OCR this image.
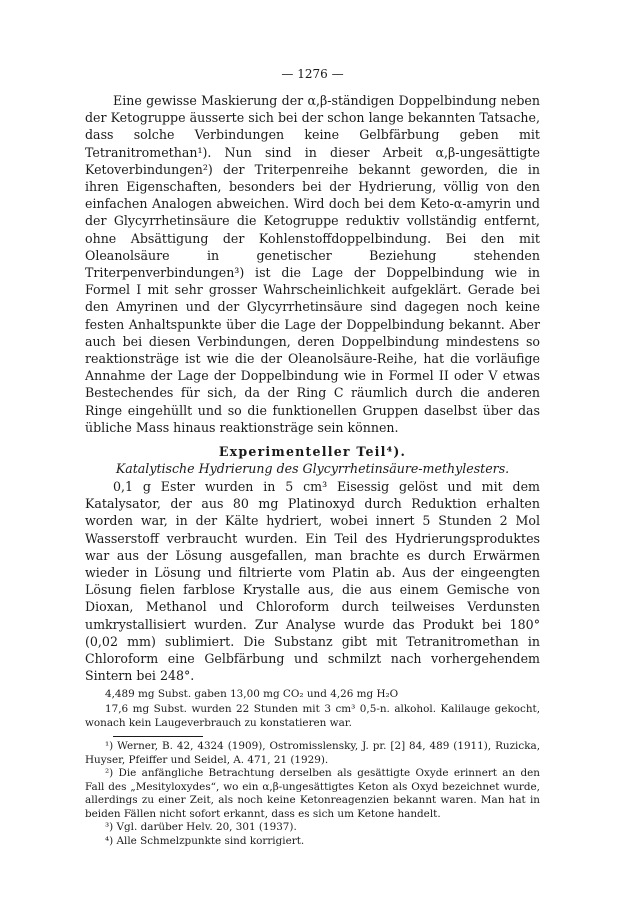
— 1276 —

Eine gewisse Maskierung der α,β-ständigen Doppelbindung neben der Ketogruppe äusserte sich bei der schon lange bekannten Tatsache, dass solche Verbindungen keine Gelbfärbung geben mit Tetranitromethan¹). Nun sind in dieser Arbeit α,β-ungesättigte Ketoverbindungen²) der Triterpenreihe bekannt geworden, die in ihren Eigenschaften, besonders bei der Hydrierung, völlig von den einfachen Analogen abweichen. Wird doch bei dem Keto-α-amyrin und der Glycyrrhetinsäure die Ketogruppe reduktiv vollständig entfernt, ohne Absättigung der Kohlenstoffdoppelbindung. Bei den mit Oleanolsäure in genetischer Beziehung stehenden Triterpenverbindungen³) ist die Lage der Doppelbindung wie in Formel I mit sehr grosser Wahrscheinlichkeit aufgeklärt. Gerade bei den Amyrinen und der Glycyrrhetinsäure sind dagegen noch keine festen Anhaltspunkte über die Lage der Doppelbindung bekannt. Aber auch bei diesen Verbindungen, deren Doppelbindung mindestens so reaktionsträge ist wie die der Oleanolsäure-Reihe, hat die vorläufige Annahme der Lage der Doppelbindung wie in Formel II oder V etwas Bestechendes für sich, da der Ring C räumlich durch die anderen Ringe eingehüllt und so die funktionellen Gruppen daselbst über das übliche Mass hinaus reaktionsträge sein können.

Experimenteller Teil⁴).
Katalytische Hydrierung des Glycyrrhetinsäure-methylesters.

0,1 g Ester wurden in 5 cm³ Eisessig gelöst und mit dem Katalysator, der aus 80 mg Platinoxyd durch Reduktion erhalten worden war, in der Kälte hydriert, wobei innert 5 Stunden 2 Mol Wasserstoff verbraucht wurden. Ein Teil des Hydrierungsproduktes war aus der Lösung ausgefallen, man brachte es durch Erwärmen wieder in Lösung und filtrierte vom Platin ab. Aus der eingeengten Lösung fielen farblose Krystalle aus, die aus einem Gemische von Dioxan, Methanol und Chloroform durch teilweises Verdunsten umkrystallisiert wurden. Zur Analyse wurde das Produkt bei 180° (0,02 mm) sublimiert. Die Substanz gibt mit Tetranitromethan in Chloroform eine Gelbfärbung und schmilzt nach vorhergehendem Sintern bei 248°.

4,489 mg Subst. gaben 13,00 mg CO₂ und 4,26 mg H₂O

17,6 mg Subst. wurden 22 Stunden mit 3 cm³ 0,5-n. alkohol. Kalilauge gekocht, wonach kein Laugeverbrauch zu konstatieren war.

¹) Werner, B. 42, 4324 (1909), Ostromisslensky, J. pr. [2] 84, 489 (1911), Ruzicka, Huyser, Pfeiffer und Seidel, A. 471, 21 (1929).

²) Die anfängliche Betrachtung derselben als gesättigte Oxyde erinnert an den Fall des „Mesityloxydes“, wo ein α,β-ungesättigtes Keton als Oxyd bezeichnet wurde, allerdings zu einer Zeit, als noch keine Ketonreagenzien bekannt waren. Man hat in beiden Fällen nicht sofort erkannt, dass es sich um Ketone handelt.

³) Vgl. darüber Helv. 20, 301 (1937).

⁴) Alle Schmelzpunkte sind korrigiert.
